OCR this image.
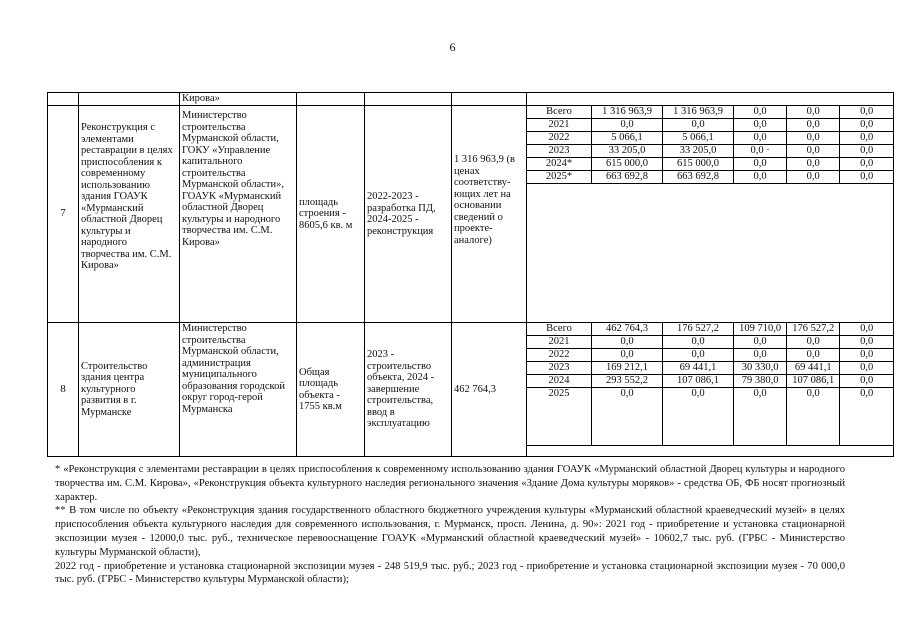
6
		Кирова»				
7	Реконструкция с элементами реставрации в целях приспособления к современному использованию здания ГОАУК «Мурманский областной Дворец культуры и народного творчества им. С.М. Кирова»	Министерство строительства Мурманской области, ГОКУ «Управление капитального строительства Мурманской области», ГОАУК «Мурманский областной Дворец культуры и народного творчества им. С.М. Кирова»	площадь строения - 8605,6 кв. м	2022-2023 - разработка ПД, 2024-2025 - реконструкция	1 316 963,9 (в ценах соответству-ющих лет на основании сведений о проекте-аналоге)	
Всего	1 316 963,9	1 316 963,9	0,0	0,0	0,0
2021	0,0	0,0	0,0	0,0	0,0
2022	5 066,1	5 066,1	0,0	0,0	0,0
2023	33 205,0	33 205,0	0,0 ·	0,0	0,0
2024*	615 000,0	615 000,0	0,0	0,0	0,0
2025*	663 692,8	663 692,8	0,0	0,0	0,0

8	Строительство здания центра культурного развития в г. Мурманске	Министерство строительства Мурманской области, администрация муниципального образования городской округ город-герой Мурманска	Общая площадь объекта - 1755 кв.м	2023 - строительство объекта, 2024 - завершение строительства, ввод в эксплуатацию	462 764,3	
Всего	462 764,3	176 527,2	109 710,0	176 527,2	0,0
2021	0,0	0,0	0,0	0,0	0,0
2022	0,0	0,0	0,0	0,0	0,0
2023	169 212,1	69 441,1	30 330,0	69 441,1	0,0
2024	293 552,2	107 086,1	79 380,0	107 086,1	0,0
2025	0,0	0,0	0,0	0,0	0,0

* «Реконструкция с элементами реставрации в целях приспособления к современному использованию здания ГОАУК «Мурманский областной Дворец культуры и народного творчества им. С.М. Кирова», «Реконструкция объекта культурного наследия регионального значения «Здание Дома культуры моряков» - средства ОБ, ФБ носят прогнозный характер.

** В том числе по объекту «Реконструкция здания государственного областного бюджетного учреждения культуры «Мурманский областной краеведческий музей» в целях приспособления объекта культурного наследия для современного использования, г. Мурманск, просп. Ленина, д. 90»: 2021 год - приобретение и установка стационарной экспозиции музея - 12000,0 тыс. руб., техническое перевооснащение ГОАУК «Мурманский областной краеведческий музей» - 10602,7 тыс. руб. (ГРБС - Министерство культуры Мурманской области),

2022 год - приобретение и установка стационарной экспозиции музея - 248 519,9 тыс. руб.; 2023 год - приобретение и установка стационарной экспозиции музея - 70 000,0 тыс. руб. (ГРБС - Министерство культуры Мурманской области);
